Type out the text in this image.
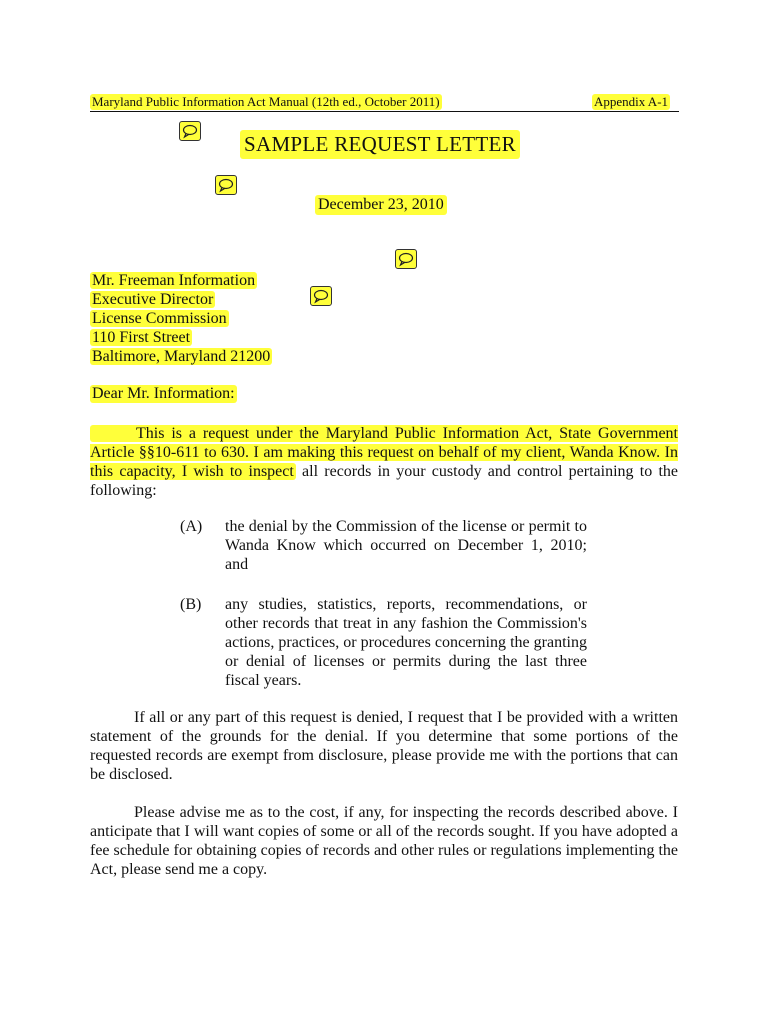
Maryland Public Information Act Manual (12th ed., October 2011)	Appendix A-1
SAMPLE REQUEST LETTER
December 23, 2010
Mr. Freeman Information
Executive Director
License Commission
110 First Street
Baltimore, Maryland 21200
Dear Mr. Information:
This is a request under the Maryland Public Information Act, State Government Article §§10-611 to 630. I am making this request on behalf of my client, Wanda Know. In this capacity, I wish to inspect all records in your custody and control pertaining to the following:
(A) the denial by the Commission of the license or permit to Wanda Know which occurred on December 1, 2010; and
(B) any studies, statistics, reports, recommendations, or other records that treat in any fashion the Commission's actions, practices, or procedures concerning the granting or denial of licenses or permits during the last three fiscal years.
If all or any part of this request is denied, I request that I be provided with a written statement of the grounds for the denial. If you determine that some portions of the requested records are exempt from disclosure, please provide me with the portions that can be disclosed.
Please advise me as to the cost, if any, for inspecting the records described above. I anticipate that I will want copies of some or all of the records sought. If you have adopted a fee schedule for obtaining copies of records and other rules or regulations implementing the Act, please send me a copy.
